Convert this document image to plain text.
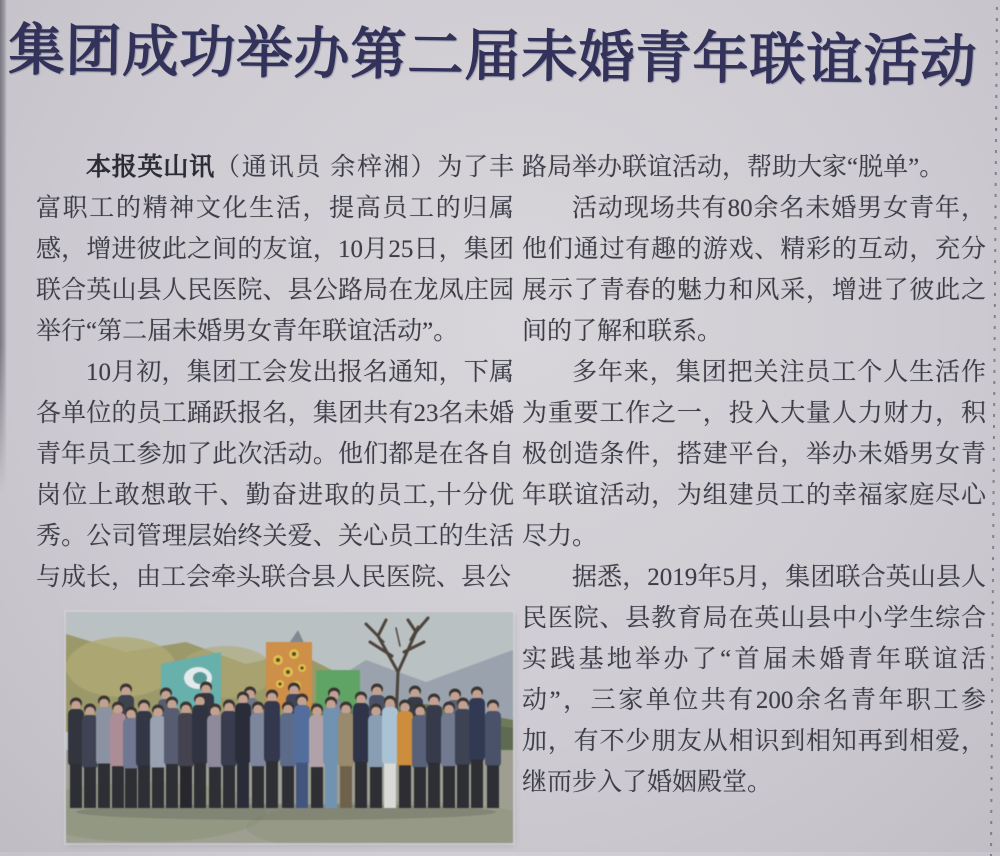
集团成功举办第二届未婚青年联谊活动

本报英山讯（通讯员 余梓湘）为了丰富职工的精神文化生活，提高员工的归属感，增进彼此之间的友谊，10月25日，集团联合英山县人民医院、县公路局在龙凤庄园举行“第二届未婚男女青年联谊活动”。

10月初，集团工会发出报名通知，下属各单位的员工踊跃报名，集团共有23名未婚青年员工参加了此次活动。他们都是在各自岗位上敢想敢干、勤奋进取的员工,十分优秀。公司管理层始终关爱、关心员工的生活与成长，由工会牵头联合县人民医院、县公

路局举办联谊活动，帮助大家“脱单”。

活动现场共有80余名未婚男女青年，他们通过有趣的游戏、精彩的互动，充分展示了青春的魅力和风采，增进了彼此之间的了解和联系。

多年来，集团把关注员工个人生活作为重要工作之一，投入大量人力财力，积极创造条件，搭建平台，举办未婚男女青年联谊活动，为组建员工的幸福家庭尽心尽力。

据悉，2019年5月，集团联合英山县人民医院、县教育局在英山县中小学生综合实践基地举办了“首届未婚青年联谊活动”，三家单位共有200余名青年职工参加，有不少朋友从相识到相知再到相爱，继而步入了婚姻殿堂。
